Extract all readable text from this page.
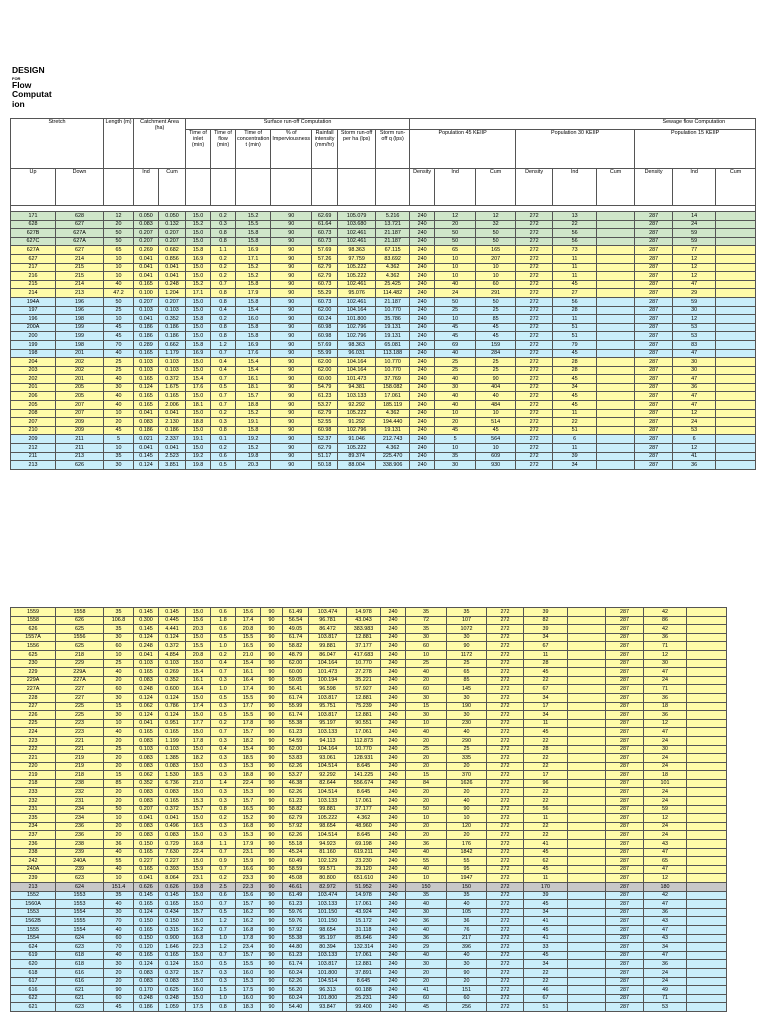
DESIGN
FOR
Flow
Computat
ion
Stretch		Length (m)	Catchment Area (ha)		Surface run-off Computation							Sewage flow Computation								
					Time of inlet (min)	Time of flow (min)	Time of concentration t (min)	% of Imperviousness	Rainfall intensity (mm/hr)	Storm run-off per ha (lps)	Storm run-off q (lps)	Population 45 KEIIP			Population 30 KEIIP			Population 15 KEIIP		
Up	Down		Ind	Cum								Density	Ind	Cum	Density	Ind	Cum	Density	Ind	Cum

171	628	12	0.050	0.050	15.0	0.2	15.2	90	62.69	105.079	5.216	240	12	12	272	13		287	14	
628	627	20	0.083	0.132	15.2	0.3	15.5	90	61.64	103.680	13.721	240	20	32	272	22		287	24	
627B	627A	50	0.207	0.207	15.0	0.8	15.8	90	60.73	102.461	21.187	240	50	50	272	56		287	59	
627C	627A	50	0.207	0.207	15.0	0.8	15.8	90	60.73	102.461	21.187	240	50	50	272	56		287	59	
627A	627	65	0.269	0.682	15.8	1.1	16.9	90	57.69	98.363	67.115	240	65	165	272	73		287	77	
627	214	10	0.041	0.856	16.9	0.2	17.1	90	57.26	97.759	83.692	240	10	207	272	11		287	12	
217	215	10	0.041	0.041	15.0	0.2	15.2	90	62.79	105.222	4.362	240	10	10	272	11		287	12	
216	215	10	0.041	0.041	15.0	0.2	15.2	90	62.79	105.222	4.362	240	10	10	272	11		287	12	
215	214	40	0.165	0.248	15.2	0.7	15.8	90	60.73	102.461	25.425	240	40	60	272	45		287	47	
214	213	47.2	0.100	1.204	17.1	0.8	17.9	90	55.29	95.076	114.482	240	24	291	272	27		287	29	
194A	196	50	0.207	0.207	15.0	0.8	15.8	90	60.73	102.461	21.187	240	50	50	272	56		287	59	
197	196	25	0.103	0.103	15.0	0.4	15.4	90	62.00	104.164	10.770	240	25	25	272	28		287	30	
196	198	10	0.041	0.352	15.8	0.2	16.0	90	60.24	101.800	35.786	240	10	85	272	11		287	12	
200A	199	45	0.186	0.186	15.0	0.8	15.8	90	60.98	102.796	19.131	240	45	45	272	51		287	53	
200	199	45	0.186	0.186	15.0	0.8	15.8	90	60.98	102.796	19.131	240	45	45	272	51		287	53	
199	198	70	0.289	0.662	15.8	1.2	16.9	90	57.69	98.363	65.081	240	69	159	272	79		287	83	
198	201	40	0.165	1.179	16.9	0.7	17.6	90	55.99	96.031	113.188	240	40	284	272	45		287	47	
204	202	25	0.103	0.103	15.0	0.4	15.4	90	62.00	104.164	10.770	240	25	25	272	28		287	30	
203	202	25	0.103	0.103	15.0	0.4	15.4	90	62.00	104.164	10.770	240	25	25	272	28		287	30	
202	201	40	0.165	0.372	15.4	0.7	16.1	90	60.00	101.473	37.769	240	40	90	272	45		287	47	
201	205	30	0.124	1.675	17.6	0.5	18.1	90	54.79	94.381	158.082	240	30	404	272	34		287	36	
206	205	40	0.165	0.165	15.0	0.7	15.7	90	61.23	103.133	17.061	240	40	40	272	45		287	47	
205	207	40	0.165	2.006	18.1	0.7	18.8	90	53.27	92.292	185.119	240	40	484	272	45		287	47	
208	207	10	0.041	0.041	15.0	0.2	15.2	90	62.79	105.222	4.362	240	10	10	272	11		287	12	
207	209	20	0.083	2.130	18.8	0.3	19.1	90	52.55	91.292	194.440	240	20	514	272	22		287	24	
210	209	45	0.186	0.186	15.0	0.8	15.8	90	60.98	102.796	19.131	240	45	45	272	51		287	53	
209	211	5	0.021	2.337	19.1	0.1	19.2	90	52.37	91.046	212.743	240	5	564	272	6		287	6	
212	211	10	0.041	0.041	15.0	0.2	15.2	90	62.79	105.222	4.362	240	10	10	272	11		287	12	
211	213	35	0.145	2.523	19.2	0.6	19.8	90	51.17	89.374	225.470	240	35	609	272	39		287	41	
213	626	30	0.124	3.851	19.8	0.5	20.3	90	50.18	88.004	338.906	240	30	930	272	34		287	36	
1559	1558	35	0.145	0.145	15.0	0.6	15.6	90	61.49	103.474	14.978	240	35	35	272	39		287	42	
1558	626	106.8	0.300	0.445	15.6	1.8	17.4	90	56.54	96.781	43.043	240	72	107	272	82		287	86	
626	625	35	0.145	4.441	20.3	0.6	20.8	90	49.05	86.472	383.983	240	35	1072	272	39		287	42	
1557A	1556	30	0.124	0.124	15.0	0.5	15.5	90	61.74	103.817	12.881	240	30	30	272	34		287	36	
1556	625	60	0.248	0.372	15.5	1.0	16.5	90	58.82	99.881	37.177	240	60	90	272	67		287	71	
625	218	10	0.041	4.854	20.8	0.2	21.0	90	48.79	86.047	417.683	240	10	1172	272	11		287	12	
230	229	25	0.103	0.103	15.0	0.4	15.4	90	62.00	104.164	10.770	240	25	25	272	28		287	30	
229	229A	40	0.165	0.269	15.4	0.7	16.1	90	60.00	101.473	27.278	240	40	65	272	45		287	47	
229A	227A	20	0.083	0.352	16.1	0.3	16.4	90	59.05	100.194	35.221	240	20	85	272	22		287	24	
227A	227	60	0.248	0.600	16.4	1.0	17.4	90	56.41	96.598	57.927	240	60	145	272	67		287	71	
228	227	30	0.124	0.124	15.0	0.5	15.5	90	61.74	103.817	12.881	240	30	30	272	34		287	36	
227	225	15	0.062	0.786	17.4	0.3	17.7	90	55.99	95.751	75.239	240	15	190	272	17		287	18	
226	225	30	0.124	0.124	15.0	0.5	15.5	90	61.74	103.817	12.881	240	30	30	272	34		287	36	
225	223	10	0.041	0.951	17.7	0.2	17.8	90	55.38	95.197	90.551	240	10	230	272	11		287	12	
224	223	40	0.165	0.165	15.0	0.7	15.7	90	61.23	103.133	17.061	240	40	40	272	45		287	47	
223	221	20	0.083	1.199	17.8	0.3	18.2	90	54.59	94.113	112.873	240	20	290	272	22		287	24	
222	221	25	0.103	0.103	15.0	0.4	15.4	90	62.00	104.164	10.770	240	25	25	272	28		287	30	
221	219	20	0.083	1.385	18.2	0.3	18.5	90	53.83	93.061	128.931	240	20	335	272	22		287	24	
220	219	20	0.083	0.083	15.0	0.3	15.3	90	62.26	104.514	8.645	240	20	20	272	22		287	24	
219	218	15	0.062	1.530	18.5	0.3	18.8	90	53.27	92.292	141.225	240	15	370	272	17		287	18	
218	238	85	0.352	6.736	21.0	1.4	22.4	90	46.38	82.644	556.674	240	84	1626	272	96		287	101	
233	232	20	0.083	0.083	15.0	0.3	15.3	90	62.26	104.514	8.645	240	20	20	272	22		287	24	
232	231	20	0.083	0.165	15.3	0.3	15.7	90	61.23	103.133	17.061	240	20	40	272	22		287	24	
231	234	50	0.207	0.372	15.7	0.8	16.5	90	58.82	99.881	37.177	240	50	90	272	56		287	59	
235	234	10	0.041	0.041	15.0	0.2	15.2	90	62.79	105.222	4.362	240	10	10	272	11		287	12	
234	236	20	0.083	0.496	16.5	0.3	16.8	90	57.92	98.654	48.960	240	20	120	272	22		287	24	
237	236	20	0.083	0.083	15.0	0.3	15.3	90	62.26	104.514	8.645	240	20	20	272	22		287	24	
236	238	36	0.150	0.729	16.8	1.1	17.9	90	55.18	94.923	69.198	240	36	176	272	41		287	43	
238	239	40	0.165	7.630	22.4	0.7	23.1	90	45.24	81.160	619.211	240	40	1842	272	45		287	47	
242	240A	55	0.227	0.227	15.0	0.9	15.9	90	60.49	102.129	23.230	240	55	55	272	62		287	65	
240A	239	40	0.165	0.393	15.9	0.7	16.6	90	58.59	99.571	39.120	240	40	95	272	45		287	47	
239	623	10	0.041	8.064	23.1	0.2	23.3	90	45.08	80.800	651.610	240	10	1947	272	11		287	12	
213	624	151.4	0.626	0.626	19.8	2.5	22.3	90	46.61	82.972	51.952	240	150	150	272	170		287	180	
1552	1553	35	0.145	0.145	15.0	0.6	15.6	90	61.49	103.474	14.978	240	35	35	272	39		287	42	
1560A	1553	40	0.165	0.165	15.0	0.7	15.7	90	61.23	103.133	17.061	240	40	40	272	45		287	47	
1553	1554	30	0.124	0.434	15.7	0.5	16.2	90	59.76	101.150	43.924	240	30	105	272	34		287	36	
1562B	1555	70	0.150	0.150	15.0	1.2	16.2	90	59.76	101.150	15.172	240	36	36	272	41		287	43	
1555	1554	40	0.165	0.315	16.2	0.7	16.8	90	57.92	98.654	31.118	240	40	76	272	45		287	47	
1554	624	60	0.150	0.900	16.8	1.0	17.8	90	55.38	95.197	85.646	240	36	217	272	41		287	43	
624	623	70	0.120	1.646	22.3	1.2	23.4	90	44.80	80.394	132.314	240	29	396	272	33		287	34	
619	618	40	0.165	0.165	15.0	0.7	15.7	90	61.23	103.133	17.061	240	40	40	272	45		287	47	
620	618	30	0.124	0.124	15.0	0.5	15.5	90	61.74	103.817	12.881	240	30	30	272	34		287	36	
618	616	20	0.083	0.372	15.7	0.3	16.0	90	60.24	101.800	37.891	240	20	90	272	22		287	24	
617	616	20	0.083	0.083	15.0	0.3	15.3	90	62.26	104.514	8.645	240	20	20	272	22		287	24	
616	621	90	0.170	0.625	16.0	1.5	17.5	90	56.20	96.313	60.188	240	41	151	272	46		287	49	
622	621	60	0.248	0.248	15.0	1.0	16.0	90	60.24	101.800	25.231	240	60	60	272	67		287	71	
621	623	45	0.186	1.059	17.5	0.8	18.3	90	54.40	93.847	99.400	240	45	256	272	51		287	53	
